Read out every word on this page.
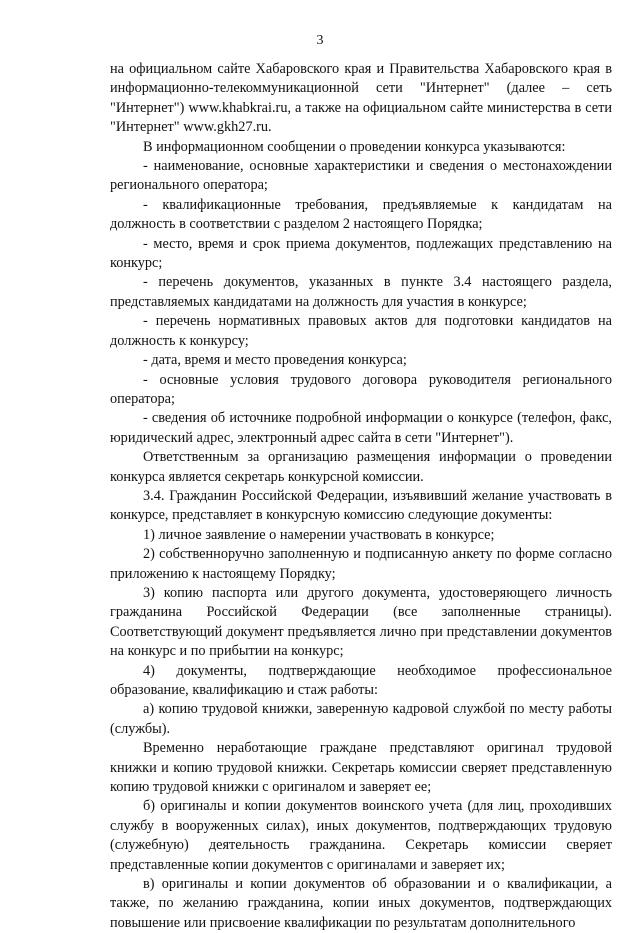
3

на официальном сайте Хабаровского края и Правительства Хабаровского края в информационно-телекоммуникационной сети "Интернет" (далее – сеть "Интернет") www.khabkrai.ru, а также на официальном сайте министерства в сети "Интернет" www.gkh27.ru.

В информационном сообщении о проведении конкурса указываются:

- наименование, основные характеристики и сведения о местонахождении регионального оператора;

- квалификационные требования, предъявляемые к кандидатам на должность в соответствии с разделом 2 настоящего Порядка;

- место, время и срок приема документов, подлежащих представлению на конкурс;

- перечень документов, указанных в пункте 3.4 настоящего раздела, представляемых кандидатами на должность для участия в конкурсе;

- перечень нормативных правовых актов для подготовки кандидатов на должность к конкурсу;

- дата, время и место проведения конкурса;

- основные условия трудового договора руководителя регионального оператора;

- сведения об источнике подробной информации о конкурсе (телефон, факс, юридический адрес, электронный адрес сайта в сети "Интернет").

Ответственным за организацию размещения информации о проведении конкурса является секретарь конкурсной комиссии.

3.4. Гражданин Российской Федерации, изъявивший желание участвовать в конкурсе, представляет в конкурсную комиссию следующие документы:

1) личное заявление о намерении участвовать в конкурсе;

2) собственноручно заполненную и подписанную анкету по форме согласно приложению к настоящему Порядку;

3) копию паспорта или другого документа, удостоверяющего личность гражданина Российской Федерации (все заполненные страницы). Соответствующий документ предъявляется лично при представлении документов на конкурс и по прибытии на конкурс;

4) документы, подтверждающие необходимое профессиональное образование, квалификацию и стаж работы:

а) копию трудовой книжки, заверенную кадровой службой по месту работы (службы).

Временно неработающие граждане представляют оригинал трудовой книжки и копию трудовой книжки. Секретарь комиссии сверяет представленную копию трудовой книжки с оригиналом и заверяет ее;

б) оригиналы и копии документов воинского учета (для лиц, проходивших службу в вооруженных силах), иных документов, подтверждающих трудовую (служебную) деятельность гражданина. Секретарь комиссии сверяет представленные копии документов с оригиналами и заверяет их;

в) оригиналы и копии документов об образовании и о квалификации, а также, по желанию гражданина, копии иных документов, подтверждающих повышение или присвоение квалификации по результатам дополнительного
